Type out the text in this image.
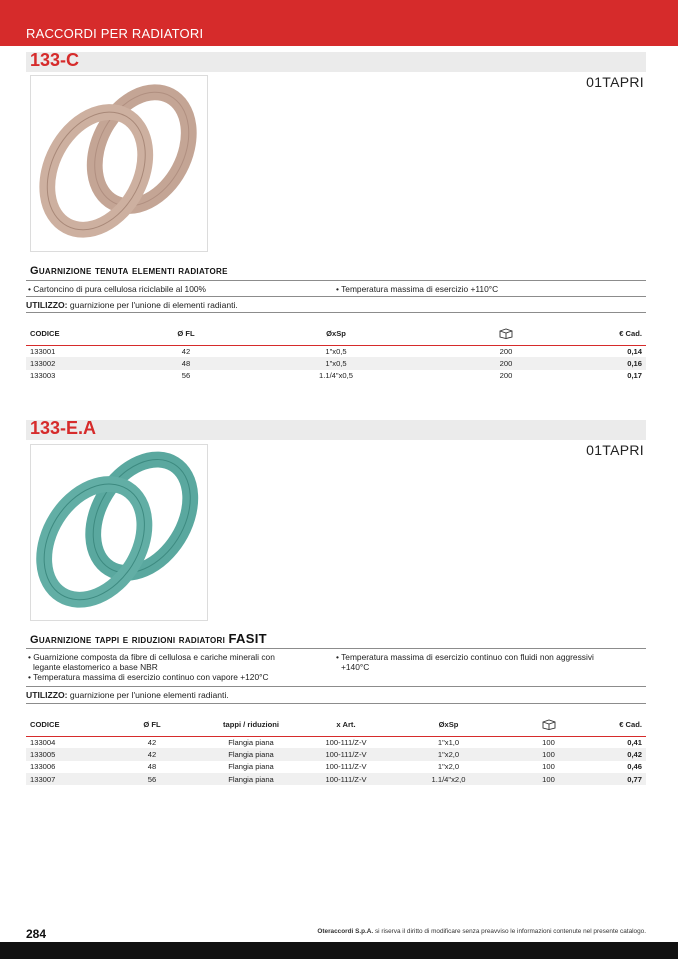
RACCORDI PER RADIATORI
133-C
01TAPRI
Guarnizione tenuta elementi radiatore
• Cartoncino di pura cellulosa riciclabile al 100%	• Temperatura massima di esercizio +110°C
UTILIZZO: guarnizione per l'unione di elementi radianti.
CODICE	Ø FL	ØxSp		€ Cad.
133001	42	1"x0,5	200	0,14
133002	48	1"x0,5	200	0,16
133003	56	1.1/4"x0,5	200	0,17
133-E.A
01TAPRI
Guarnizione tappi e riduzioni radiatori FASIT
• Guarnizione composta da fibre di cellulosa e cariche minerali con
legante elastomerico a base NBR
• Temperatura massima di esercizio continuo con vapore +120°C
• Temperatura massima di esercizio continuo con fluidi non aggressivi
+140°C
UTILIZZO: guarnizione per l'unione elementi radianti.
CODICE	Ø FL	tappi / riduzioni	x Art.	ØxSp		€ Cad.
133004	42	Flangia piana	100-111/Z-V	1"x1,0	100	0,41
133005	42	Flangia piana	100-111/Z-V	1"x2,0	100	0,42
133006	48	Flangia piana	100-111/Z-V	1"x2,0	100	0,46
133007	56	Flangia piana	100-111/Z-V	1.1/4"x2,0	100	0,77
284	Oteraccordi S.p.A. si riserva il diritto di modificare senza preavviso le informazioni contenute nel presente catalogo.
